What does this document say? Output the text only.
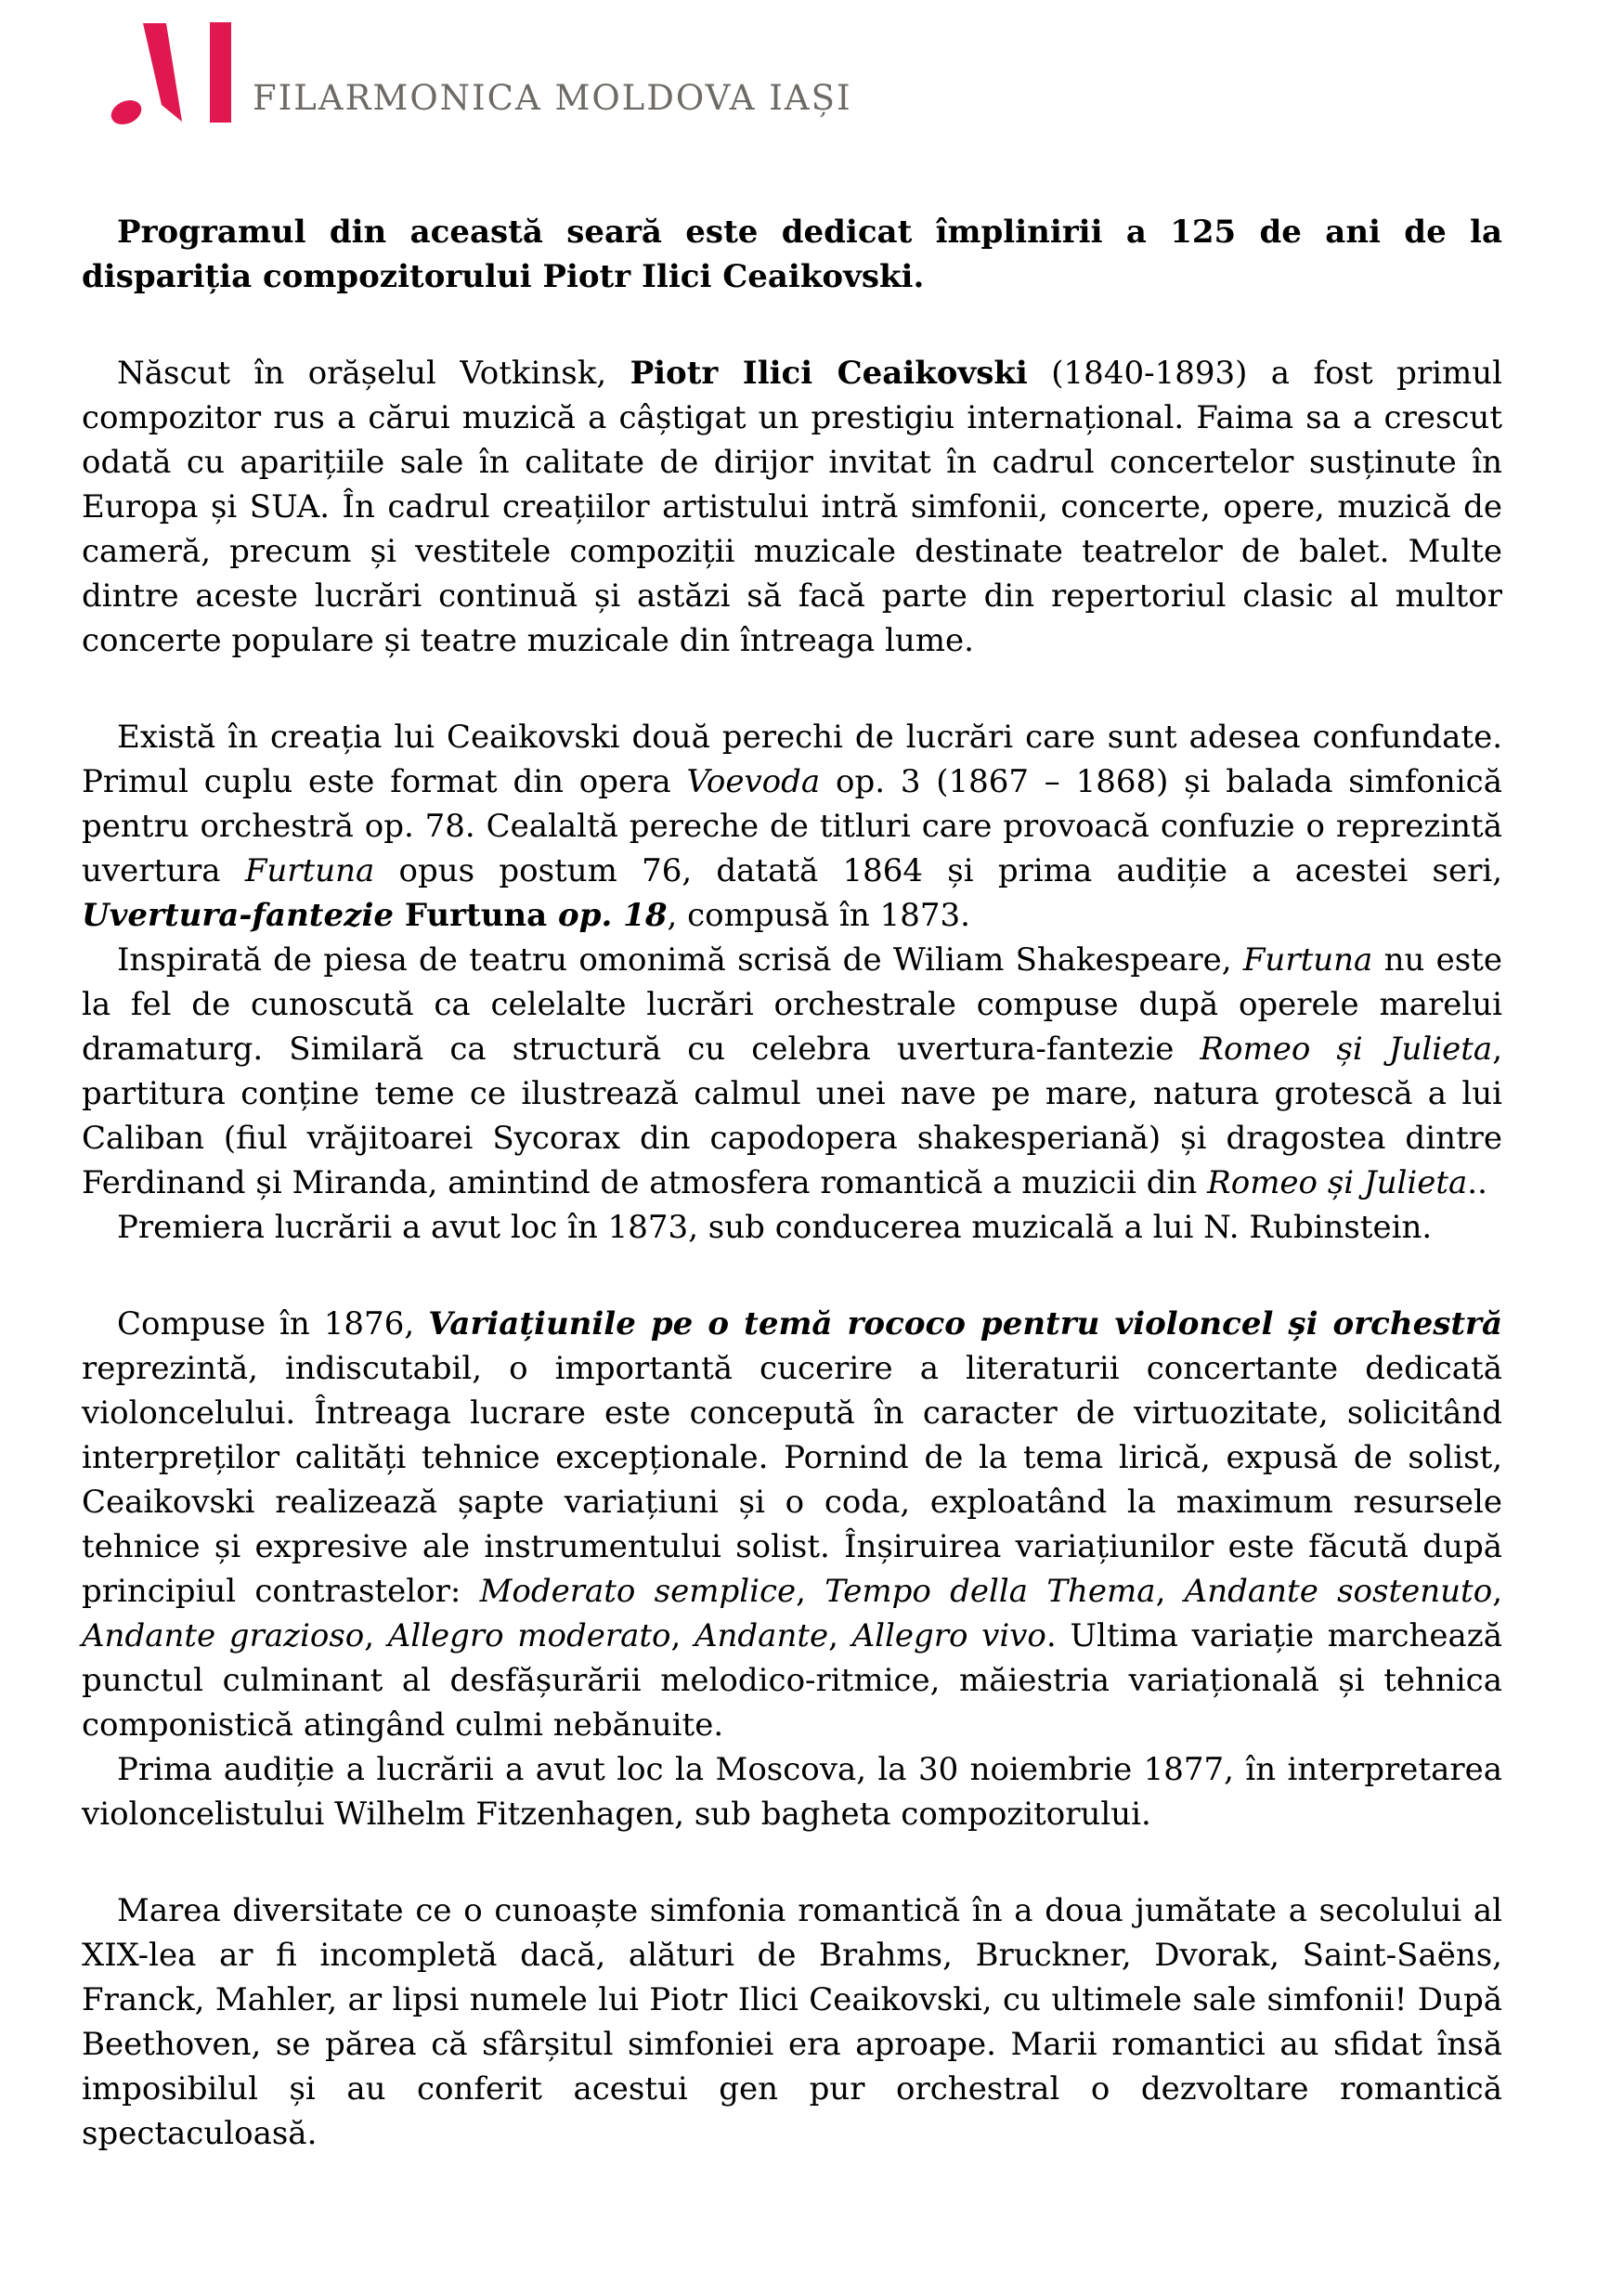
FILARMONICA MOLDOVA IAȘI

Programul din această seară este dedicat împlinirii a 125 de ani de la dispariția compozitorului Piotr Ilici Ceaikovski.

Născut în orășelul Votkinsk, Piotr Ilici Ceaikovski (1840-1893) a fost primul compozitor rus a cărui muzică a câștigat un prestigiu internațional. Faima sa a crescut odată cu aparițiile sale în calitate de dirijor invitat în cadrul concertelor susținute în Europa și SUA. În cadrul creațiilor artistului intră simfonii, concerte, opere, muzică de cameră, precum și vestitele compoziții muzicale destinate teatrelor de balet. Multe dintre aceste lucrări continuă și astăzi să facă parte din repertoriul clasic al multor concerte populare și teatre muzicale din întreaga lume.

Există în creația lui Ceaikovski două perechi de lucrări care sunt adesea confundate. Primul cuplu este format din opera Voevoda op. 3 (1867 – 1868) și balada simfonică pentru orchestră op. 78. Cealaltă pereche de titluri care provoacă confuzie o reprezintă uvertura Furtuna opus postum 76, datată 1864 și prima audiție a acestei seri, Uvertura-fantezie Furtuna op. 18, compusă în 1873.

Inspirată de piesa de teatru omonimă scrisă de Wiliam Shakespeare, Furtuna nu este la fel de cunoscută ca celelalte lucrări orchestrale compuse după operele marelui dramaturg. Similară ca structură cu celebra uvertura-fantezie Romeo și Julieta, partitura conține teme ce ilustrează calmul unei nave pe mare, natura grotescă a lui Caliban (fiul vrăjitoarei Sycorax din capodopera shakesperiană) și dragostea dintre Ferdinand și Miranda, amintind de atmosfera romantică a muzicii din Romeo și Julieta..

Premiera lucrării a avut loc în 1873, sub conducerea muzicală a lui N. Rubinstein.

Compuse în 1876, Variațiunile pe o temă rococo pentru violoncel și orchestră reprezintă, indiscutabil, o importantă cucerire a literaturii concertante dedicată violoncelului. Întreaga lucrare este concepută în caracter de virtuozitate, solicitând interpreților calități tehnice excepționale. Pornind de la tema lirică, expusă de solist, Ceaikovski realizează șapte variațiuni și o coda, exploatând la maximum resursele tehnice și expresive ale instrumentului solist. Înșiruirea variațiunilor este făcută după principiul contrastelor: Moderato semplice, Tempo della Thema, Andante sostenuto, Andante grazioso, Allegro moderato, Andante, Allegro vivo. Ultima variație marchează punctul culminant al desfășurării melodico-ritmice, măiestria variațională și tehnica componistică atingând culmi nebănuite.

Prima audiție a lucrării a avut loc la Moscova, la 30 noiembrie 1877, în interpretarea violoncelistului Wilhelm Fitzenhagen, sub bagheta compozitorului.

Marea diversitate ce o cunoaște simfonia romantică în a doua jumătate a secolului al XIX-lea ar fi incompletă dacă, alături de Brahms, Bruckner, Dvorak, Saint-Saëns, Franck, Mahler, ar lipsi numele lui Piotr Ilici Ceaikovski, cu ultimele sale simfonii! După Beethoven, se părea că sfârșitul simfoniei era aproape. Marii romantici au sfidat însă imposibilul și au conferit acestui gen pur orchestral o dezvoltare romantică spectaculoasă.
